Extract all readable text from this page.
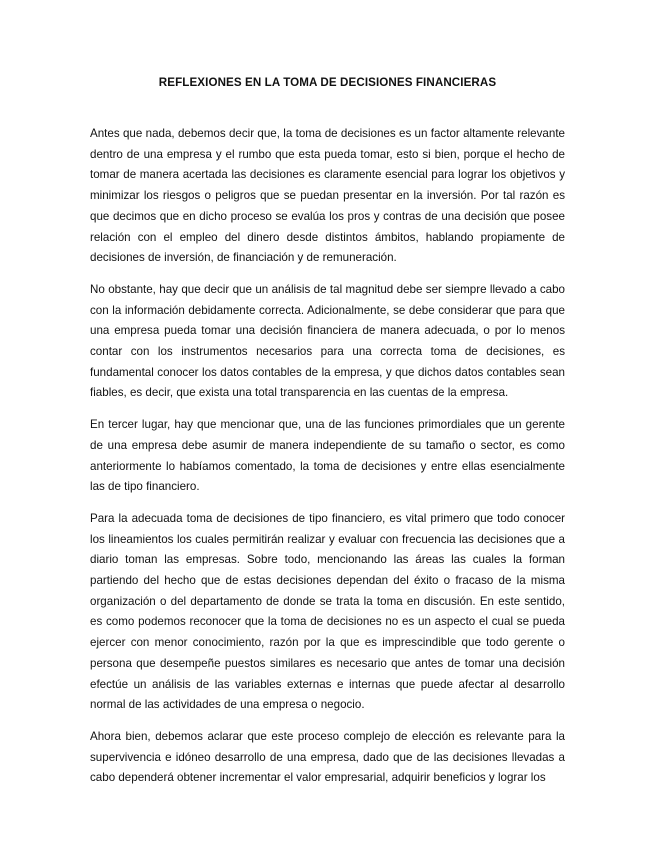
REFLEXIONES EN LA TOMA DE DECISIONES FINANCIERAS

Antes que nada, debemos decir que, la toma de decisiones es un factor altamente relevante dentro de una empresa y el rumbo que esta pueda tomar, esto si bien, porque el hecho de tomar de manera acertada las decisiones es claramente esencial para lograr los objetivos y minimizar los riesgos o peligros que se puedan presentar en la inversión. Por tal razón es que decimos que en dicho proceso se evalúa los pros y contras de una decisión que posee relación con el empleo del dinero desde distintos ámbitos, hablando propiamente de decisiones de inversión, de financiación y de remuneración.

No obstante, hay que decir que un análisis de tal magnitud debe ser siempre llevado a cabo con la información debidamente correcta. Adicionalmente, se debe considerar que para que una empresa pueda tomar una decisión financiera de manera adecuada, o por lo menos contar con los instrumentos necesarios para una correcta toma de decisiones, es fundamental conocer los datos contables de la empresa, y que dichos datos contables sean fiables, es decir, que exista una total transparencia en las cuentas de la empresa.

En tercer lugar, hay que mencionar que, una de las funciones primordiales que un gerente de una empresa debe asumir de manera independiente de su tamaño o sector, es como anteriormente lo habíamos comentado, la toma de decisiones y entre ellas esencialmente las de tipo financiero.

Para la adecuada toma de decisiones de tipo financiero, es vital primero que todo conocer los lineamientos los cuales permitirán realizar y evaluar con frecuencia las decisiones que a diario toman las empresas. Sobre todo, mencionando las áreas las cuales la forman partiendo del hecho que de estas decisiones dependan del éxito o fracaso de la misma organización o del departamento de donde se trata la toma en discusión. En este sentido, es como podemos reconocer que la toma de decisiones no es un aspecto el cual se pueda ejercer con menor conocimiento, razón por la que es imprescindible que todo gerente o persona que desempeñe puestos similares es necesario que antes de tomar una decisión efectúe un análisis de las variables externas e internas que puede afectar al desarrollo normal de las actividades de una empresa o negocio.

Ahora bien, debemos aclarar que este proceso complejo de elección es relevante para la supervivencia e idóneo desarrollo de una empresa, dado que de las decisiones llevadas a cabo dependerá obtener incrementar el valor empresarial, adquirir beneficios y lograr los
